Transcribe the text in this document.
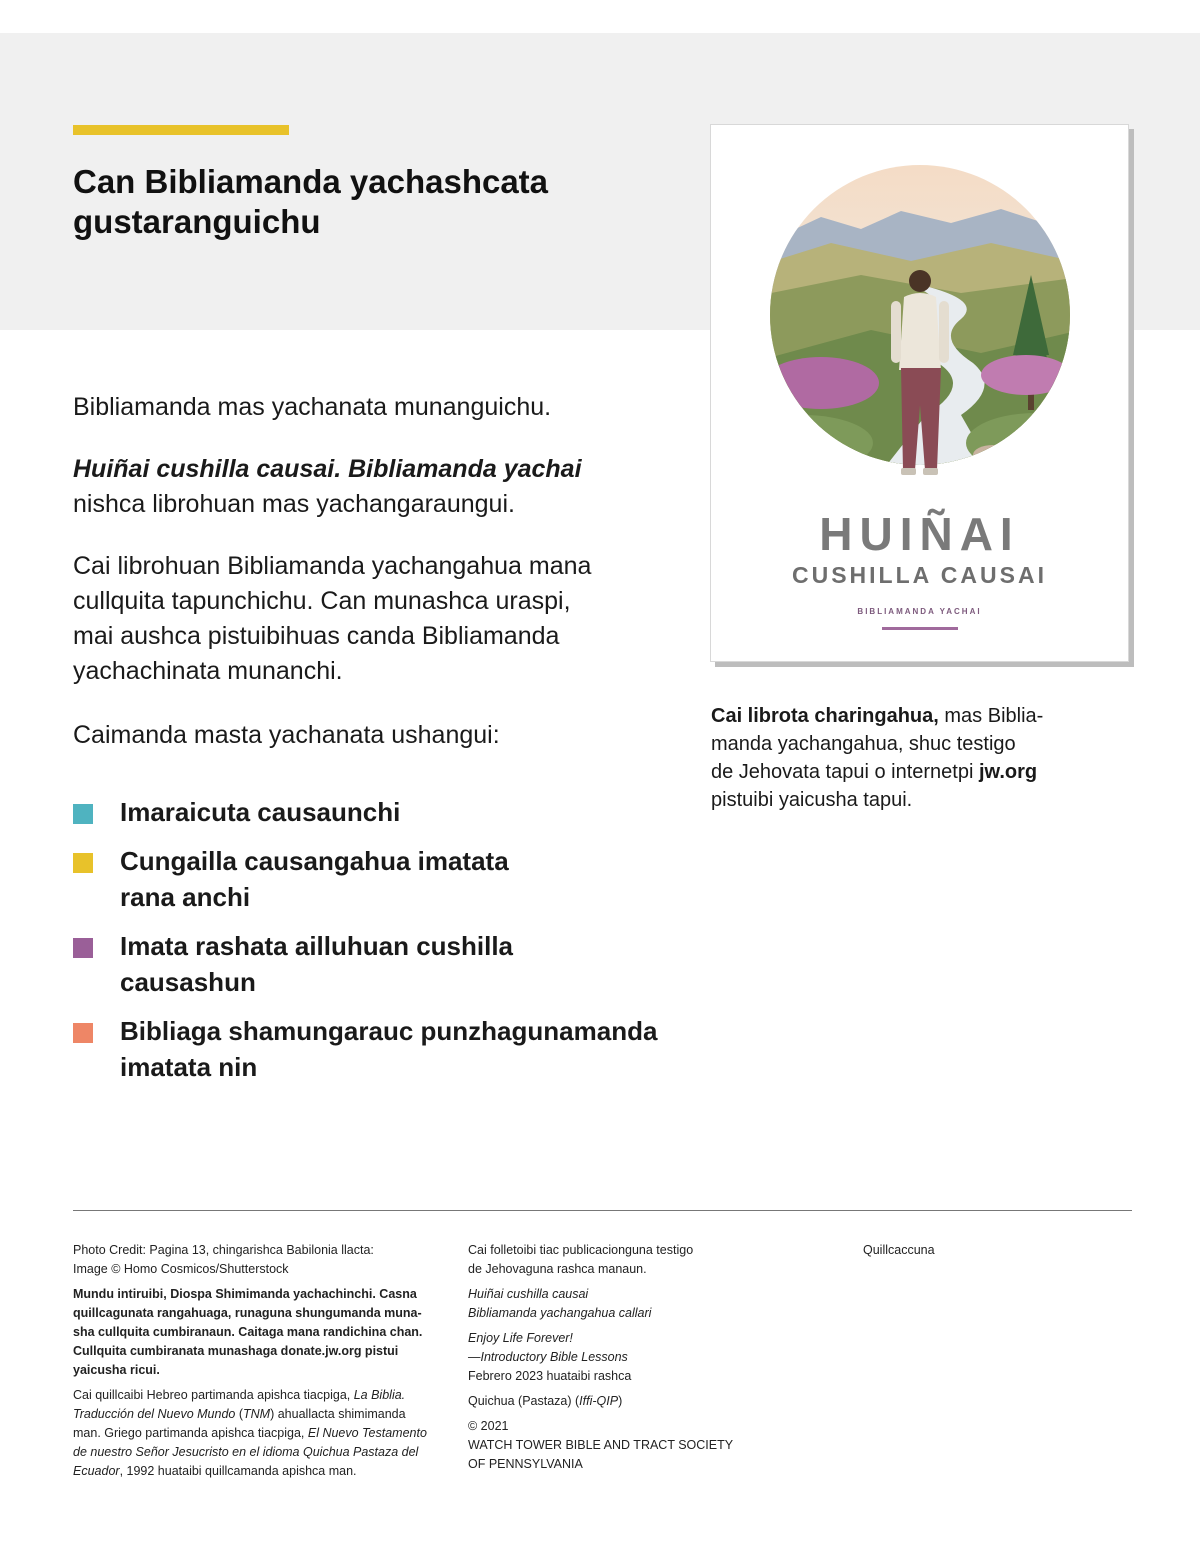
Can Bibliamanda yachashcata
gustaranguichu

Bibliamanda mas yachanata munanguichu.

Huiñai cushilla causai. Bibliamanda yachai
nishca librohuan mas yachangaraungui.

Cai librohuan Bibliamanda yachangahua mana
cullquita tapunchichu. Can munashca uraspi,
mai aushca pistuibihuas canda Bibliamanda
yachachinata munanchi.

Caimanda masta yachanata ushangui:

Imaraicuta causaunchi
Cungailla causangahua imatata
rana anchi
Imata rashata ailluhuan cushilla
causashun
Bibliaga shamungarauc punzhagunamanda
imatata nin
HUIÑAI
CUSHILLA CAUSAI
BIBLIAMANDA YACHAI

Cai librota charingahua, mas Biblia-
manda yachangahua, shuc testigo
de Jehovata tapui o internetpi jw.org
pistuibi yaicusha tapui.

Photo Credit: Pagina 13, chingarishca Babilonia llacta:
Image © Homo Cosmicos/Shutterstock

Mundu intiruibi, Diospa Shimimanda yachachinchi. Casna
quillcagunata rangahuaga, runaguna shungumanda muna-
sha cullquita cumbiranaun. Caitaga mana randichina chan.
Cullquita cumbiranata munashaga donate.jw.org pistui
yaicusha ricui.

Cai quillcaibi Hebreo partimanda apishca tiacpiga, La Biblia.
Traducción del Nuevo Mundo (TNM) ahuallacta shimimanda
man. Griego partimanda apishca tiacpiga, El Nuevo Testamento
de nuestro Señor Jesucristo en el idioma Quichua Pastaza del
Ecuador, 1992 huataibi quillcamanda apishca man.

Cai folletoibi tiac publicacionguna testigo
de Jehovaguna rashca manaun.

Huiñai cushilla causai
Bibliamanda yachangahua callari

Enjoy Life Forever!
—Introductory Bible Lessons
Febrero 2023 huataibi rashca

Quichua (Pastaza) (Iffi-QIP)

© 2021
WATCH TOWER BIBLE AND TRACT SOCIETY
OF PENNSYLVANIA

Quillcaccuna
